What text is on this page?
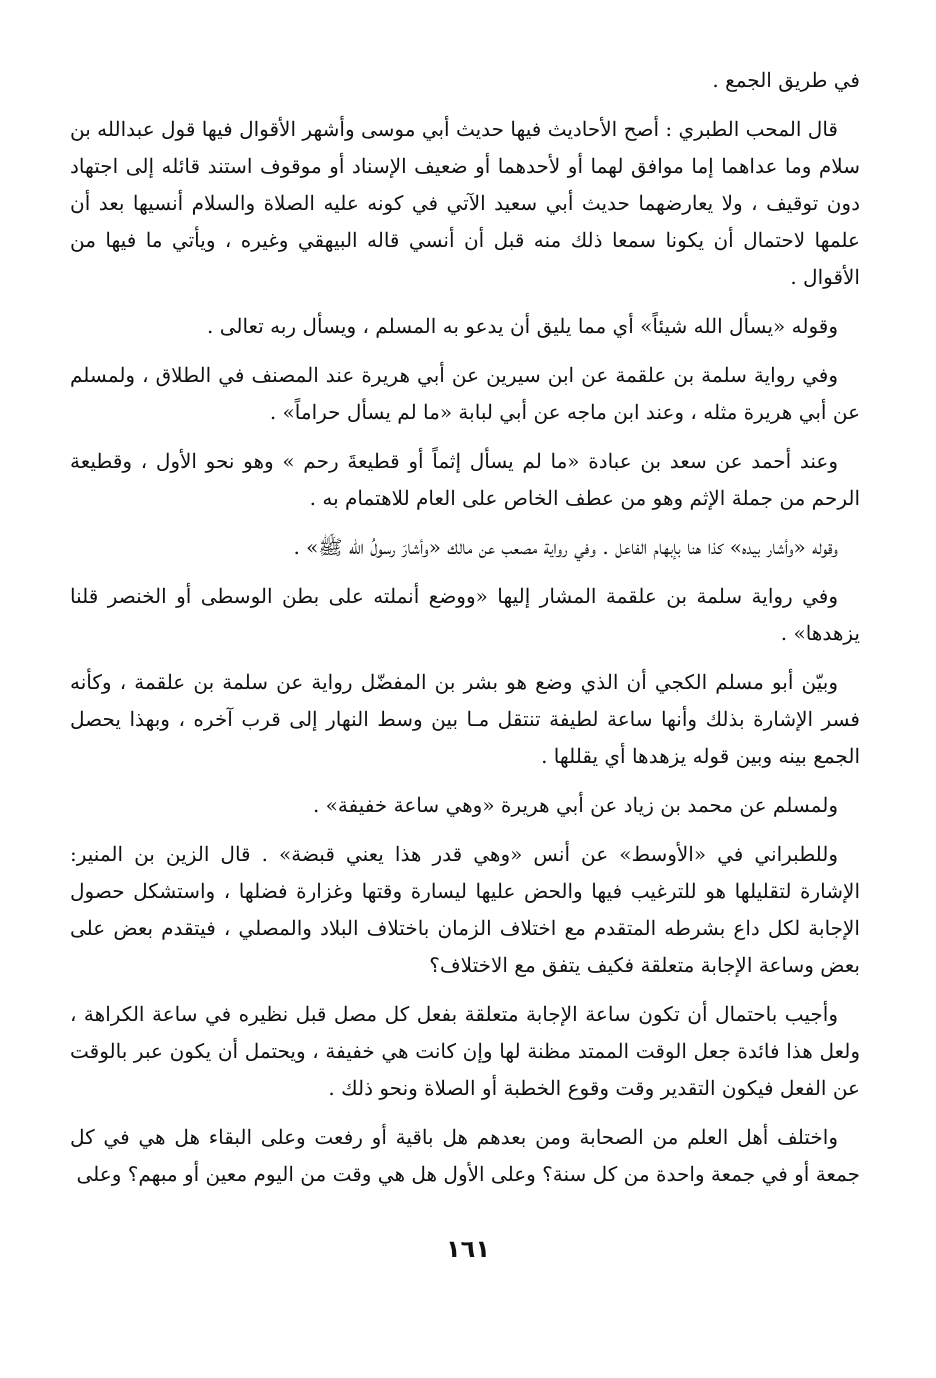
في طريق الجمع .

قال المحب الطبري : أصح الأحاديث فيها حديث أبي موسى وأشهر الأقوال فيها قول عبدالله بن سلام وما عداهما إما موافق لهما أو لأحدهما أو ضعيف الإسناد أو موقوف استند قائله إلى اجتهاد دون توقيف ، ولا يعارضهما حديث أبي سعيد الآتي في كونه عليه الصلاة والسلام أنسيها بعد أن علمها لاحتمال أن يكونا سمعا ذلك منه قبل أن أنسي قاله البيهقي وغيره ، ويأتي ما فيها من الأقوال .

وقوله «يسأل الله شيئاً» أي مما يليق أن يدعو به المسلم ، ويسأل ربه تعالى .

وفي رواية سلمة بن علقمة عن ابن سيرين عن أبي هريرة عند المصنف في الطلاق ، ولمسلم عن أبي هريرة مثله ، وعند ابن ماجه عن أبي لبابة «ما لم يسأل حراماً» .

وعند أحمد عن سعد بن عبادة «ما لم يسأل إثماً أو قطيعةَ رحم » وهو نحو الأول ، وقطيعة الرحم من جملة الإثم وهو من عطف الخاص على العام للاهتمام به .

وقوله «وأشار بيده» كذا هنا بإبهام الفاعل . وفي رواية مصعب عن مالك «وأشارَ رسولُ الله ﷺ» .

وفي رواية سلمة بن علقمة المشار إليها «ووضع أنملته على بطن الوسطى أو الخنصر قلنا يزهدها» .

وبيّن أبو مسلم الكجي أن الذي وضع هو بشر بن المفضّل رواية عن سلمة بن علقمة ، وكأنه فسر الإشارة بذلك وأنها ساعة لطيفة تنتقل مـا بين وسط النهار إلى قرب آخره ، وبهذا يحصل الجمع بينه وبين قوله يزهدها أي يقللها .

ولمسلم عن محمد بن زياد عن أبي هريرة «وهي ساعة خفيفة» .

وللطبراني في «الأوسط» عن أنس «وهي قدر هذا يعني قبضة» . قال الزين بن المنير: الإشارة لتقليلها هو للترغيب فيها والحض عليها ليسارة وقتها وغزارة فضلها ، واستشكل حصول الإجابة لكل داع بشرطه المتقدم مع اختلاف الزمان باختلاف البلاد والمصلي ، فيتقدم بعض على بعض وساعة الإجابة متعلقة فكيف يتفق مع الاختلاف؟

وأجيب باحتمال أن تكون ساعة الإجابة متعلقة بفعل كل مصل قبل نظيره في ساعة الكراهة ، ولعل هذا فائدة جعل الوقت الممتد مظنة لها وإن كانت هي خفيفة ، ويحتمل أن يكون عبر بالوقت عن الفعل فيكون التقدير وقت وقوع الخطبة أو الصلاة ونحو ذلك .

واختلف أهل العلم من الصحابة ومن بعدهم هل باقية أو رفعت وعلى البقاء هل هي في كل جمعة أو في جمعة واحدة من كل سنة؟ وعلى الأول هل هي وقت من اليوم معين أو مبهم؟ وعلى

١٦١
